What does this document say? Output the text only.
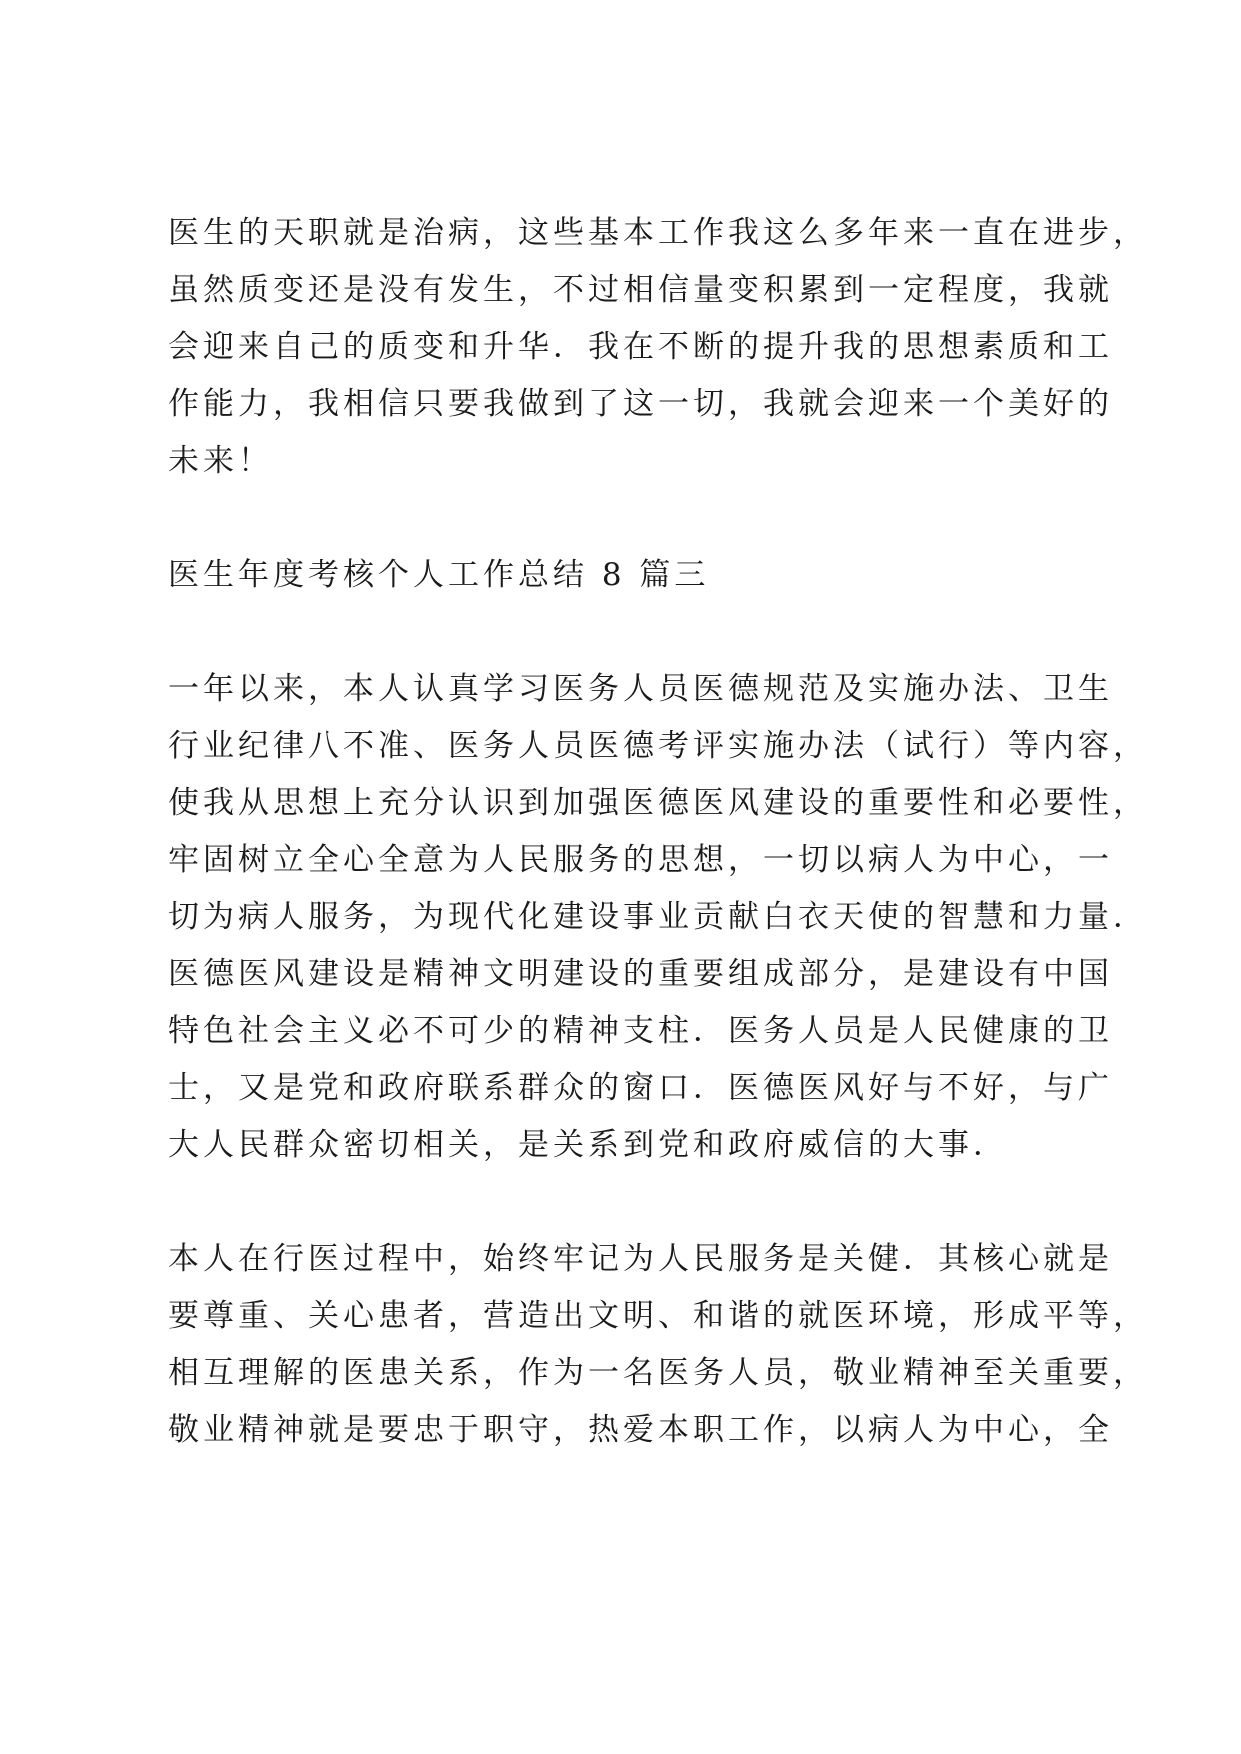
医生的天职就是治病，这些基本工作我这么多年来一直在进步，
虽然质变还是没有发生，不过相信量变积累到一定程度，我就
会迎来自己的质变和升华．我在不断的提升我的思想素质和工
作能力，我相信只要我做到了这一切，我就会迎来一个美好的
未来！
医生年度考核个人工作总结 8 篇三
一年以来，本人认真学习医务人员医德规范及实施办法、卫生
行业纪律八不准、医务人员医德考评实施办法（试行）等内容，
使我从思想上充分认识到加强医德医风建设的重要性和必要性，
牢固树立全心全意为人民服务的思想，一切以病人为中心，一
切为病人服务，为现代化建设事业贡献白衣天使的智慧和力量．
医德医风建设是精神文明建设的重要组成部分，是建设有中国
特色社会主义必不可少的精神支柱．医务人员是人民健康的卫
士，又是党和政府联系群众的窗口．医德医风好与不好，与广
大人民群众密切相关，是关系到党和政府威信的大事．
本人在行医过程中，始终牢记为人民服务是关健．其核心就是
要尊重、关心患者，营造出文明、和谐的就医环境，形成平等，
相互理解的医患关系，作为一名医务人员，敬业精神至关重要，
敬业精神就是要忠于职守，热爱本职工作，以病人为中心，全
